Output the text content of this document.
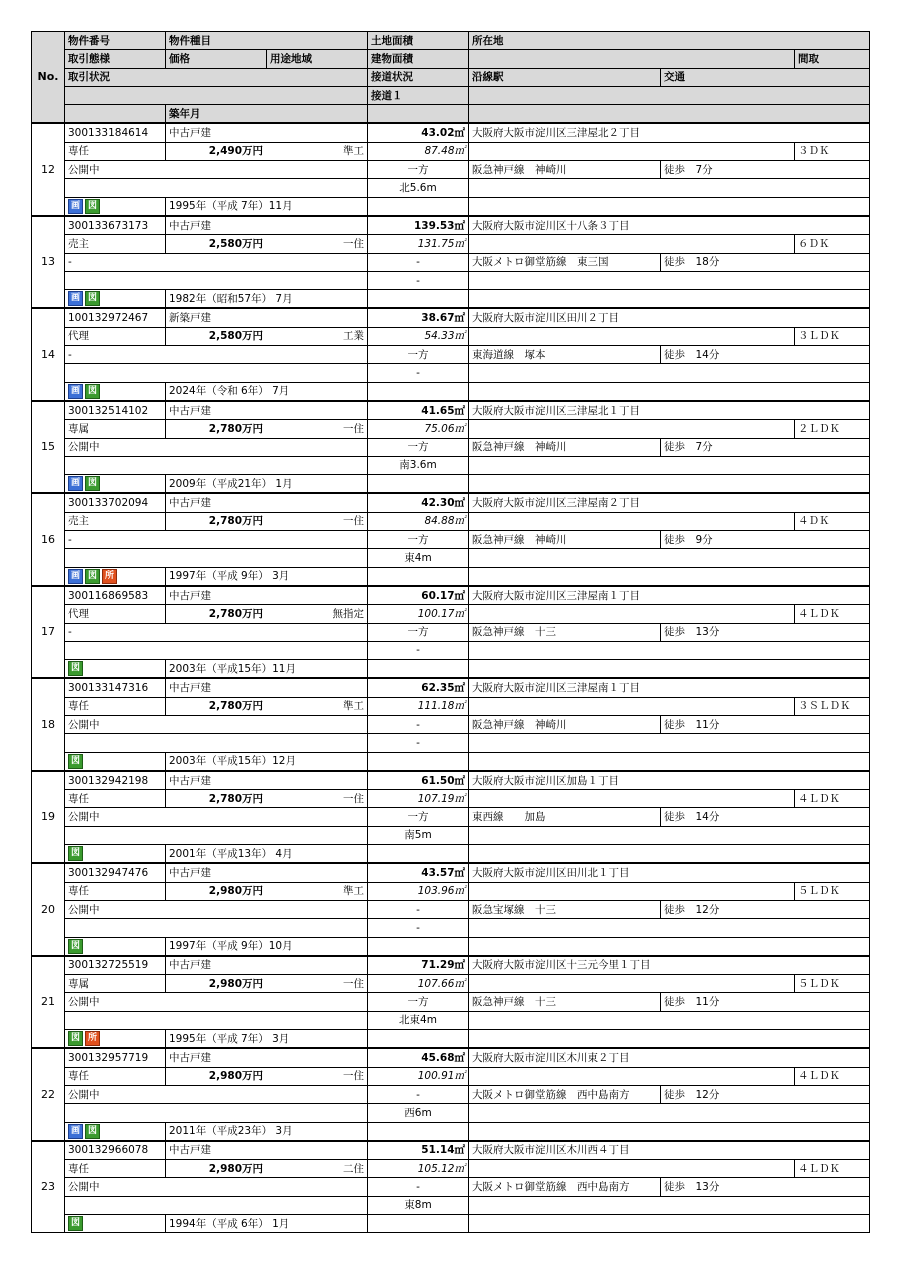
No.	物件番号	物件種目		土地面積	所在地		
	取引態様	価格	用途地域	建物面積			間取
	取引状況			接道状況	沿線駅	交通	
				接道１			
		築年月					
12	300133184614	中古戸建		43.02㎡	大阪府大阪市淀川区三津屋北２丁目		
	専任	2,490万円 準工		87.48㎡			３ＤＫ
	公開中			一方	阪急神戸線　神崎川	徒歩　7分	
				北5.6m			
	画 図	1995年（平成 7年）11月					
13	300133673173	中古戸建		139.53㎡	大阪府大阪市淀川区十八条３丁目		
	売主	2,580万円 一住		131.75㎡			６ＤＫ
	-			-	大阪メトロ御堂筋線　東三国	徒歩　18分	
				-			
	画 図	1982年（昭和57年） 7月					
14	100132972467	新築戸建		38.67㎡	大阪府大阪市淀川区田川２丁目		
	代理	2,580万円 工業		54.33㎡			３ＬＤＫ
	-			一方	東海道線　塚本	徒歩　14分	
				-			
	画 図	2024年（令和 6年） 7月					
15	300132514102	中古戸建		41.65㎡	大阪府大阪市淀川区三津屋北１丁目		
	専属	2,780万円 一住		75.06㎡			２ＬＤＫ
	公開中			一方	阪急神戸線　神崎川	徒歩　7分	
				南3.6m			
	画 図	2009年（平成21年） 1月					
16	300133702094	中古戸建		42.30㎡	大阪府大阪市淀川区三津屋南２丁目		
	売主	2,780万円 一住		84.88㎡			４ＤＫ
	-			一方	阪急神戸線　神崎川	徒歩　9分	
				東4m			
	画 図 所	1997年（平成 9年） 3月					
17	300116869583	中古戸建		60.17㎡	大阪府大阪市淀川区三津屋南１丁目		
	代理	2,780万円 無指定		100.17㎡			４ＬＤＫ
	-			一方	阪急神戸線　十三	徒歩　13分	
				-			
	図	2003年（平成15年）11月					
18	300133147316	中古戸建		62.35㎡	大阪府大阪市淀川区三津屋南１丁目		
	専任	2,780万円 準工		111.18㎡			３ＳＬＤＫ
	公開中			-	阪急神戸線　神崎川	徒歩　11分	
				-			
	図	2003年（平成15年）12月					
19	300132942198	中古戸建		61.50㎡	大阪府大阪市淀川区加島１丁目		
	専任	2,780万円 一住		107.19㎡			４ＬＤＫ
	公開中			一方	東西線　　加島	徒歩　14分	
				南5m			
	図	2001年（平成13年） 4月					
20	300132947476	中古戸建		43.57㎡	大阪府大阪市淀川区田川北１丁目		
	専任	2,980万円 準工		103.96㎡			５ＬＤＫ
	公開中			-	阪急宝塚線　十三	徒歩　12分	
				-			
	図	1997年（平成 9年）10月					
21	300132725519	中古戸建		71.29㎡	大阪府大阪市淀川区十三元今里１丁目		
	専属	2,980万円 一住		107.66㎡			５ＬＤＫ
	公開中			一方	阪急神戸線　十三	徒歩　11分	
				北東4m			
	図 所	1995年（平成 7年） 3月					
22	300132957719	中古戸建		45.68㎡	大阪府大阪市淀川区木川東２丁目		
	専任	2,980万円 一住		100.91㎡			４ＬＤＫ
	公開中			-	大阪メトロ御堂筋線　西中島南方	徒歩　12分	
				西6m			
	画 図	2011年（平成23年） 3月					
23	300132966078	中古戸建		51.14㎡	大阪府大阪市淀川区木川西４丁目		
	専任	2,980万円 二住		105.12㎡			４ＬＤＫ
	公開中			-	大阪メトロ御堂筋線　西中島南方	徒歩　13分	
				東8m			
	図	1994年（平成 6年） 1月					
